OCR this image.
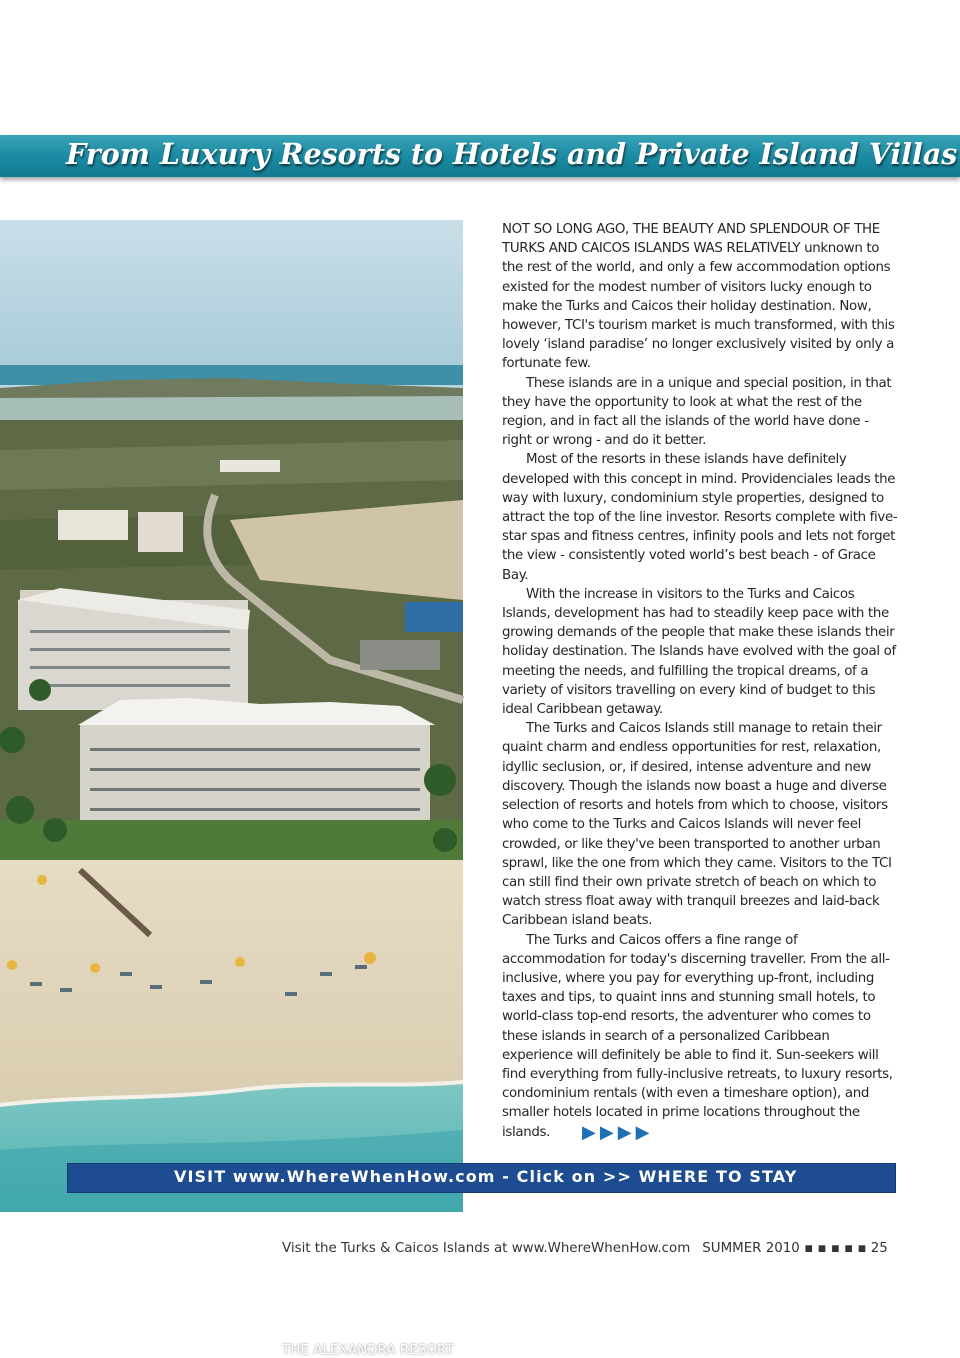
From Luxury Resorts to Hotels and Private Island Villas
THE ALEXANDRA RESORT

NOT SO LONG AGO, THE BEAUTY AND SPLENDOUR OF THE TURKS AND CAICOS ISLANDS WAS RELATIVELY unknown to the rest of the world, and only a few accommodation options existed for the modest number of visitors lucky enough to make the Turks and Caicos their holiday destination. Now, however, TCI's tourism market is much transformed, with this lovely ‘island paradise’ no longer exclusively visited by only a fortunate few.

These islands are in a unique and special position, in that they have the opportunity to look at what the rest of the region, and in fact all the islands of the world have done - right or wrong - and do it better.

Most of the resorts in these islands have definitely developed with this concept in mind. Providenciales leads the way with luxury, condominium style properties, designed to attract the top of the line investor. Resorts complete with five-star spas and fitness centres, infinity pools and lets not forget the view - consistently voted world’s best beach - of Grace Bay.

With the increase in visitors to the Turks and Caicos Islands, development has had to steadily keep pace with the growing demands of the people that make these islands their holiday destination. The Islands have evolved with the goal of meeting the needs, and fulfilling the tropical dreams, of a variety of visitors travelling on every kind of budget to this ideal Caribbean getaway.

The Turks and Caicos Islands still manage to retain their quaint charm and endless opportunities for rest, relaxation, idyllic seclusion, or, if desired, intense adventure and new discovery. Though the islands now boast a huge and diverse selection of resorts and hotels from which to choose, visitors who come to the Turks and Caicos Islands will never feel crowded, or like they've been transported to another urban sprawl, like the one from which they came. Visitors to the TCI can still find their own private stretch of beach on which to watch stress float away with tranquil breezes and laid-back Caribbean island beats.

The Turks and Caicos offers a fine range of accommodation for today's discerning traveller. From the all-inclusive, where you pay for everything up-front, including taxes and tips, to quaint inns and stunning small hotels, to world-class top-end resorts, the adventurer who comes to these islands in search of a personalized Caribbean experience will definitely be able to find it. Sun-seekers will find everything from fully-inclusive retreats, to luxury resorts, condominium rentals (with even a timeshare option), and smaller hotels located in prime locations throughout the islands. ▶ ▶ ▶ ▶

VISIT www.WhereWhenHow.com - Click on >> WHERE TO STAY
Visit the Turks & Caicos Islands at www.WhereWhenHow.com SUMMER 2010 ▪ ▪ ▪ ▪ ▪ 25
